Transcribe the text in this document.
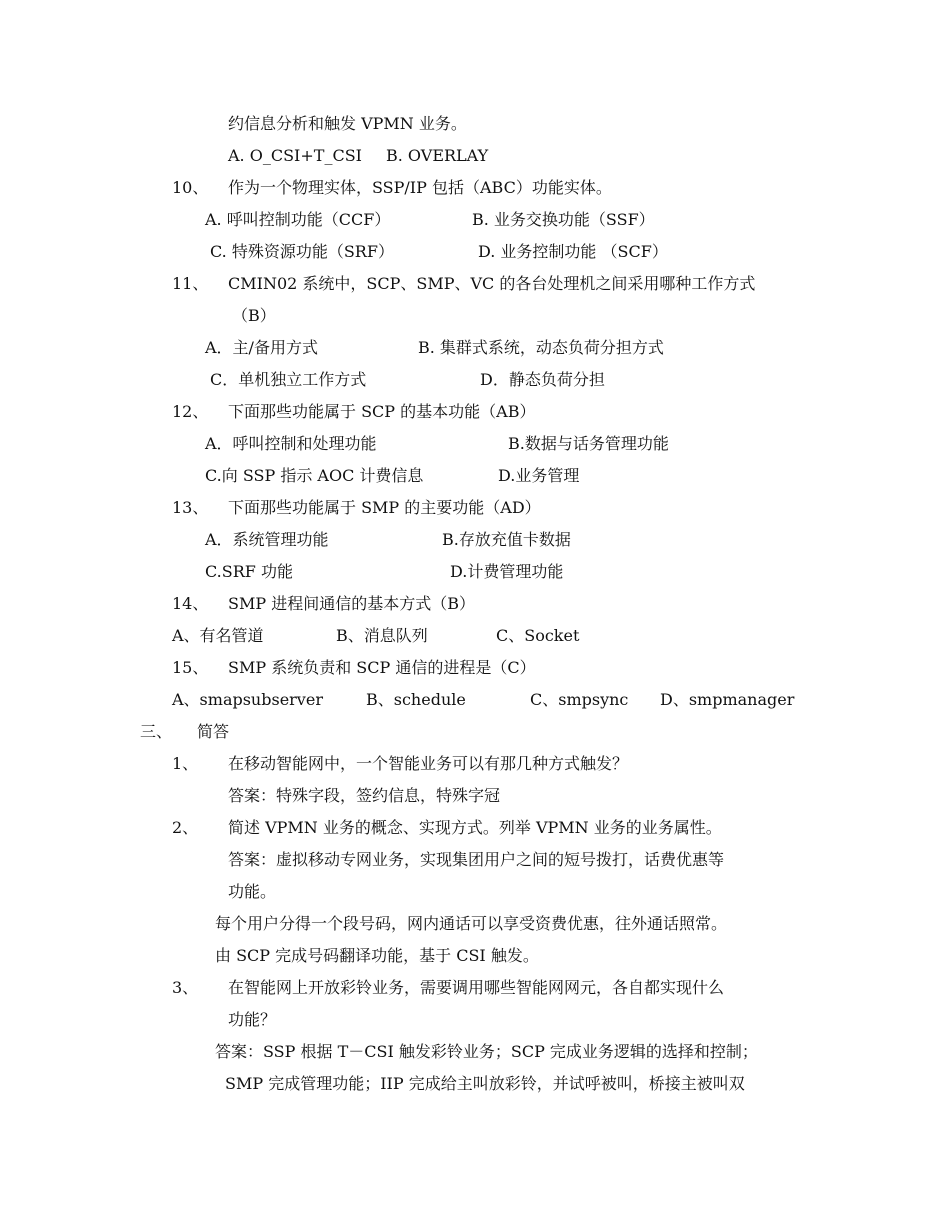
约信息分析和触发 VPMN 业务。
A. O_CSI+T_CSI B. OVERLAY
10、 作为一个物理实体，SSP/IP 包括（ABC）功能实体。
A. 呼叫控制功能（CCF）	B. 业务交换功能（SSF）
C. 特殊资源功能（SRF）	D. 业务控制功能 （SCF）
11、 CMIN02 系统中，SCP、SMP、VC 的各台处理机之间采用哪种工作方式
（B）
A．主/备用方式	B. 集群式系统，动态负荷分担方式
C．单机独立工作方式	D．静态负荷分担
12、 下面那些功能属于 SCP 的基本功能（AB）
A．呼叫控制和处理功能	B.数据与话务管理功能
C.向 SSP 指示 AOC 计费信息	D.业务管理
13、 下面那些功能属于 SMP 的主要功能（AD）
A．系统管理功能	B.存放充值卡数据
C.SRF 功能	D.计费管理功能
14、 SMP 进程间通信的基本方式（B）
A、有名管道	B、消息队列	C、Socket
15、 SMP 系统负责和 SCP 通信的进程是（C）
A、smapsubserver	B、schedule	C、smpsync D、smpmanager
三、 简答
1、 在移动智能网中，一个智能业务可以有那几种方式触发？
答案：特殊字段，签约信息，特殊字冠
2、 简述 VPMN 业务的概念、实现方式。列举 VPMN 业务的业务属性。
答案：虚拟移动专网业务，实现集团用户之间的短号拨打，话费优惠等
功能。
每个用户分得一个段号码，网内通话可以享受资费优惠，往外通话照常。
由 SCP 完成号码翻译功能，基于 CSI 触发。
3、 在智能网上开放彩铃业务，需要调用哪些智能网网元，各自都实现什么
功能？
答案：SSP 根据 T－CSI 触发彩铃业务；SCP 完成业务逻辑的选择和控制；
SMP 完成管理功能；IIP 完成给主叫放彩铃，并试呼被叫，桥接主被叫双
